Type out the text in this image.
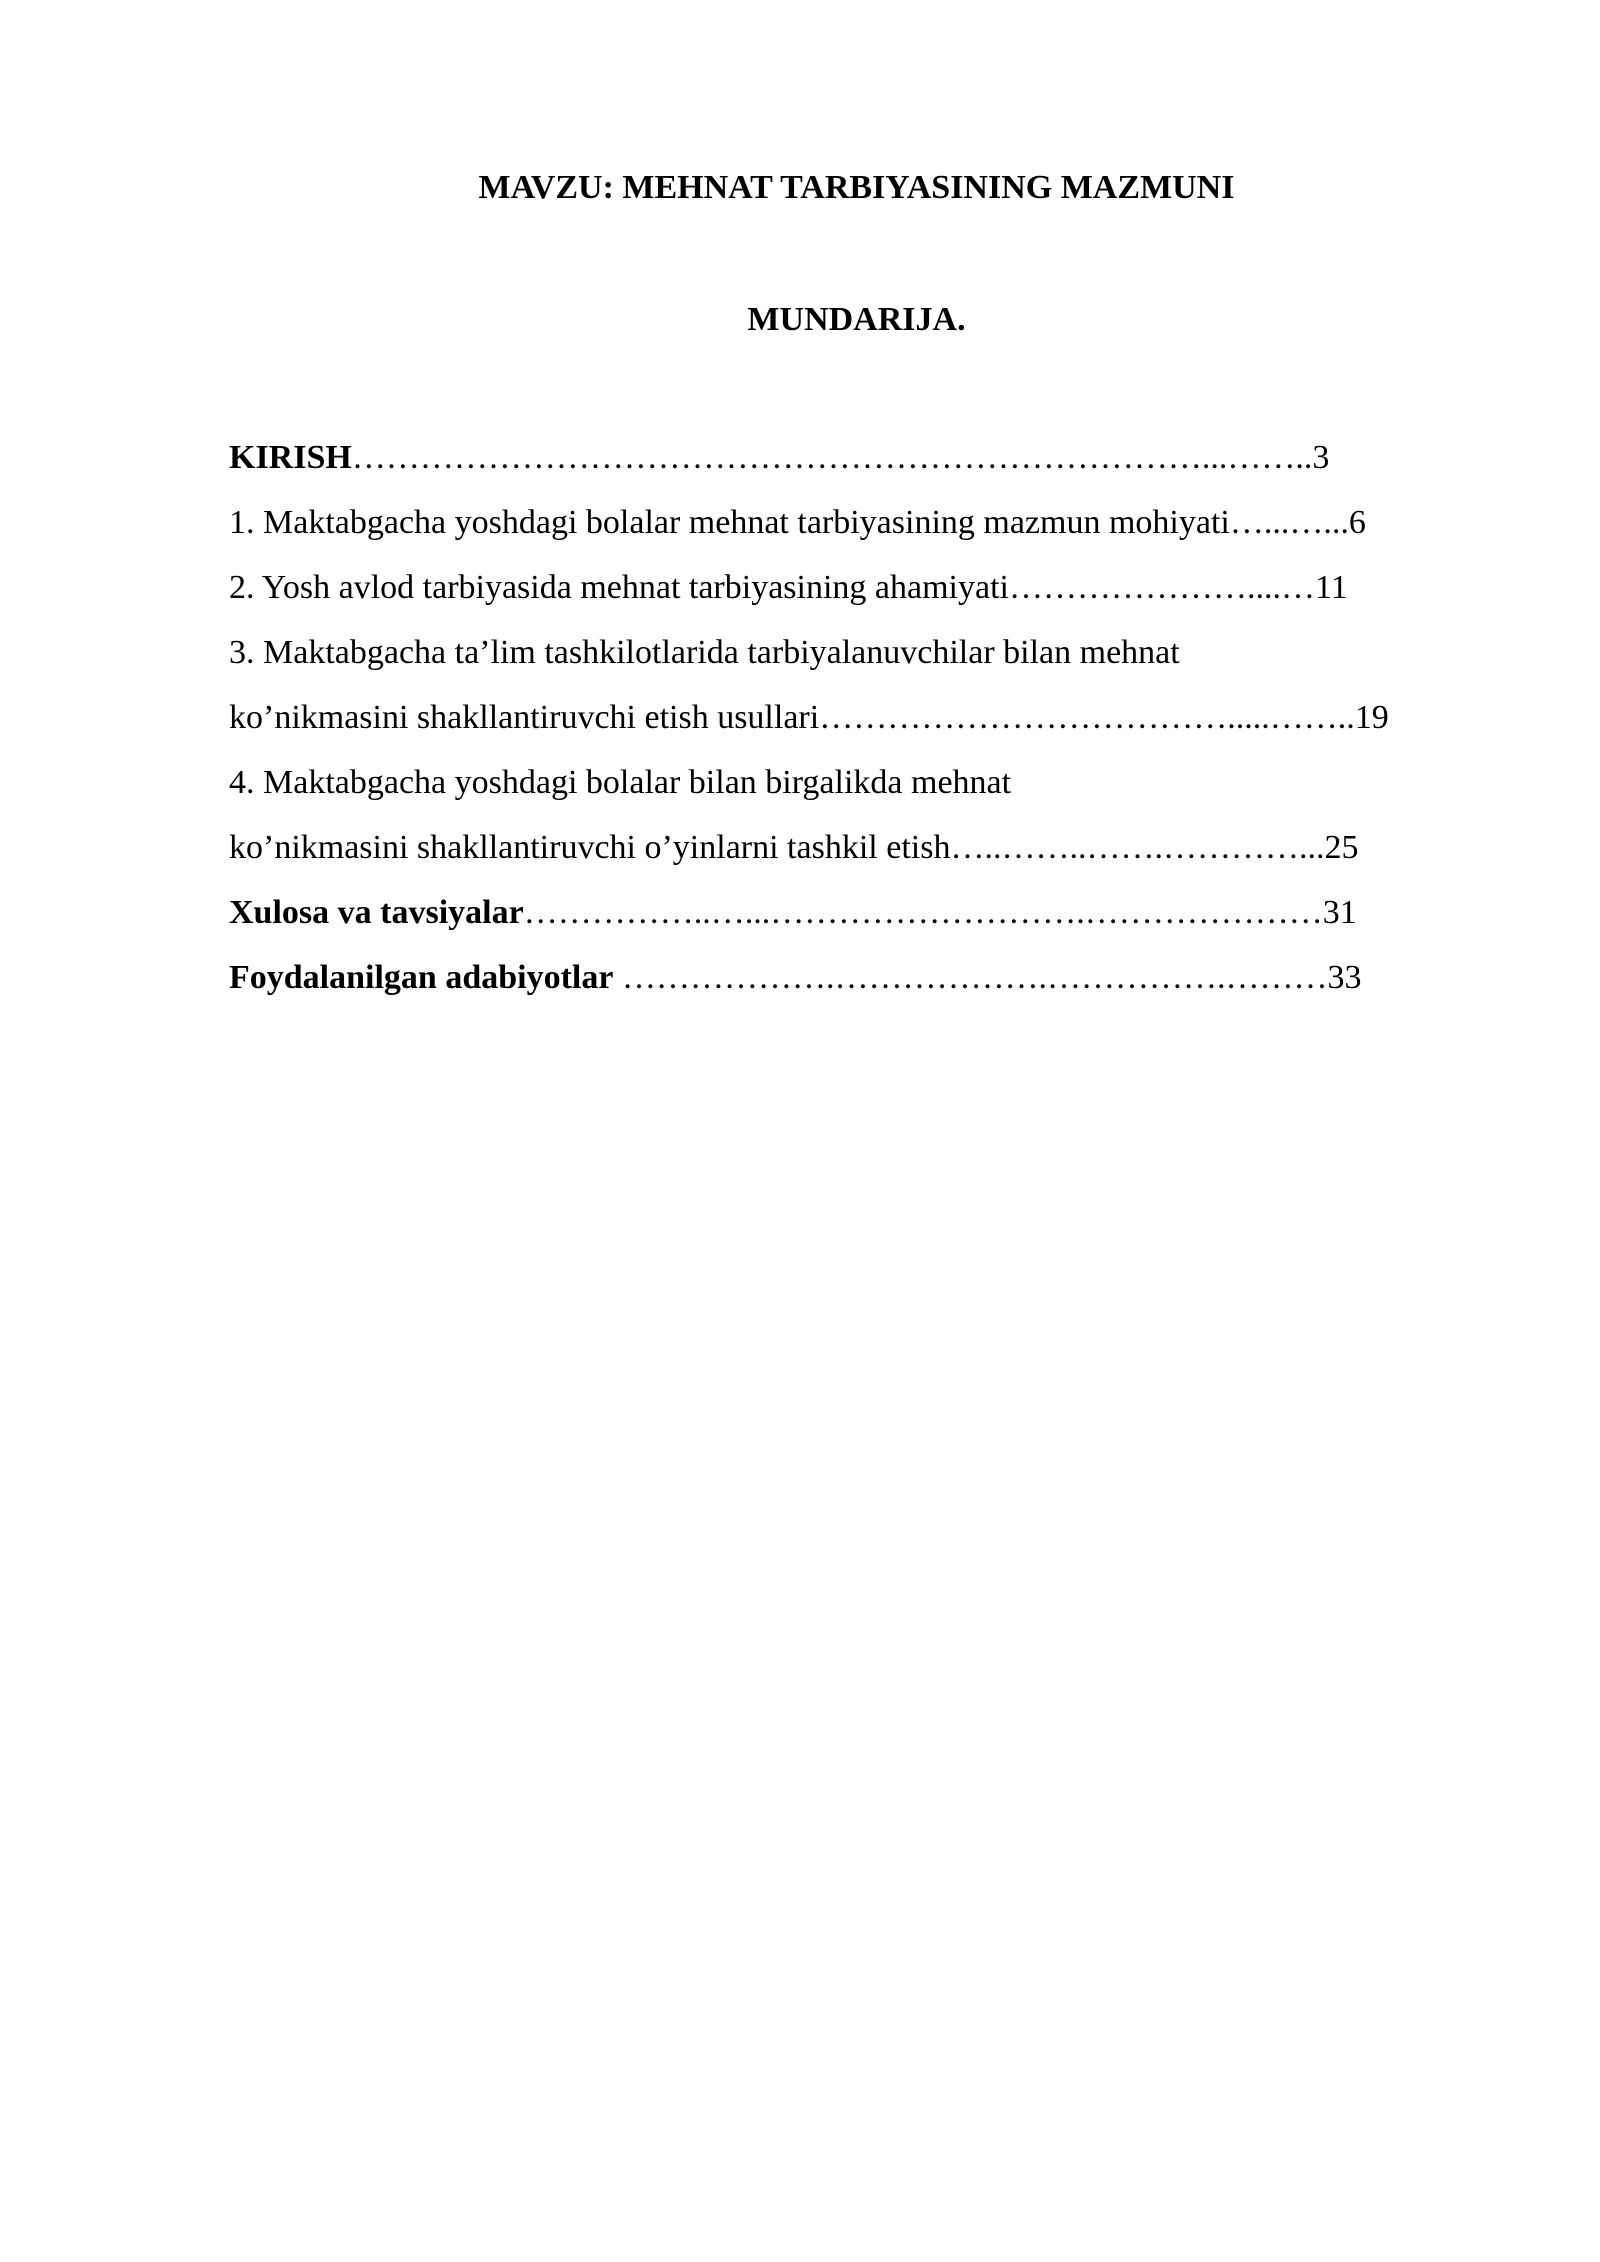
MAVZU: MEHNAT TARBIYASINING MAZMUNI
MUNDARIJA.
KIRISH…………………………………………………………………...……..3
1. Maktabgacha yoshdagi bolalar mehnat tarbiyasining mazmun mohiyati…...…...6
2. Yosh avlod tarbiyasida mehnat tarbiyasining ahamiyati…………………....…11
3. Maktabgacha ta’lim tashkilotlarida tarbiyalanuvchilar bilan mehnat
ko’nikmasini shakllantiruvchi etish usullari……………………………….....……..19
4. Maktabgacha yoshdagi bolalar bilan birgalikda mehnat
ko’nikmasini shakllantiruvchi o’yinlarni tashkil etish…..……..…….…………...25
Xulosa va tavsiyalar……………..…...……………………….…………………31
Foydalanilgan adabiyotlar ……………….……………….…………….………33
